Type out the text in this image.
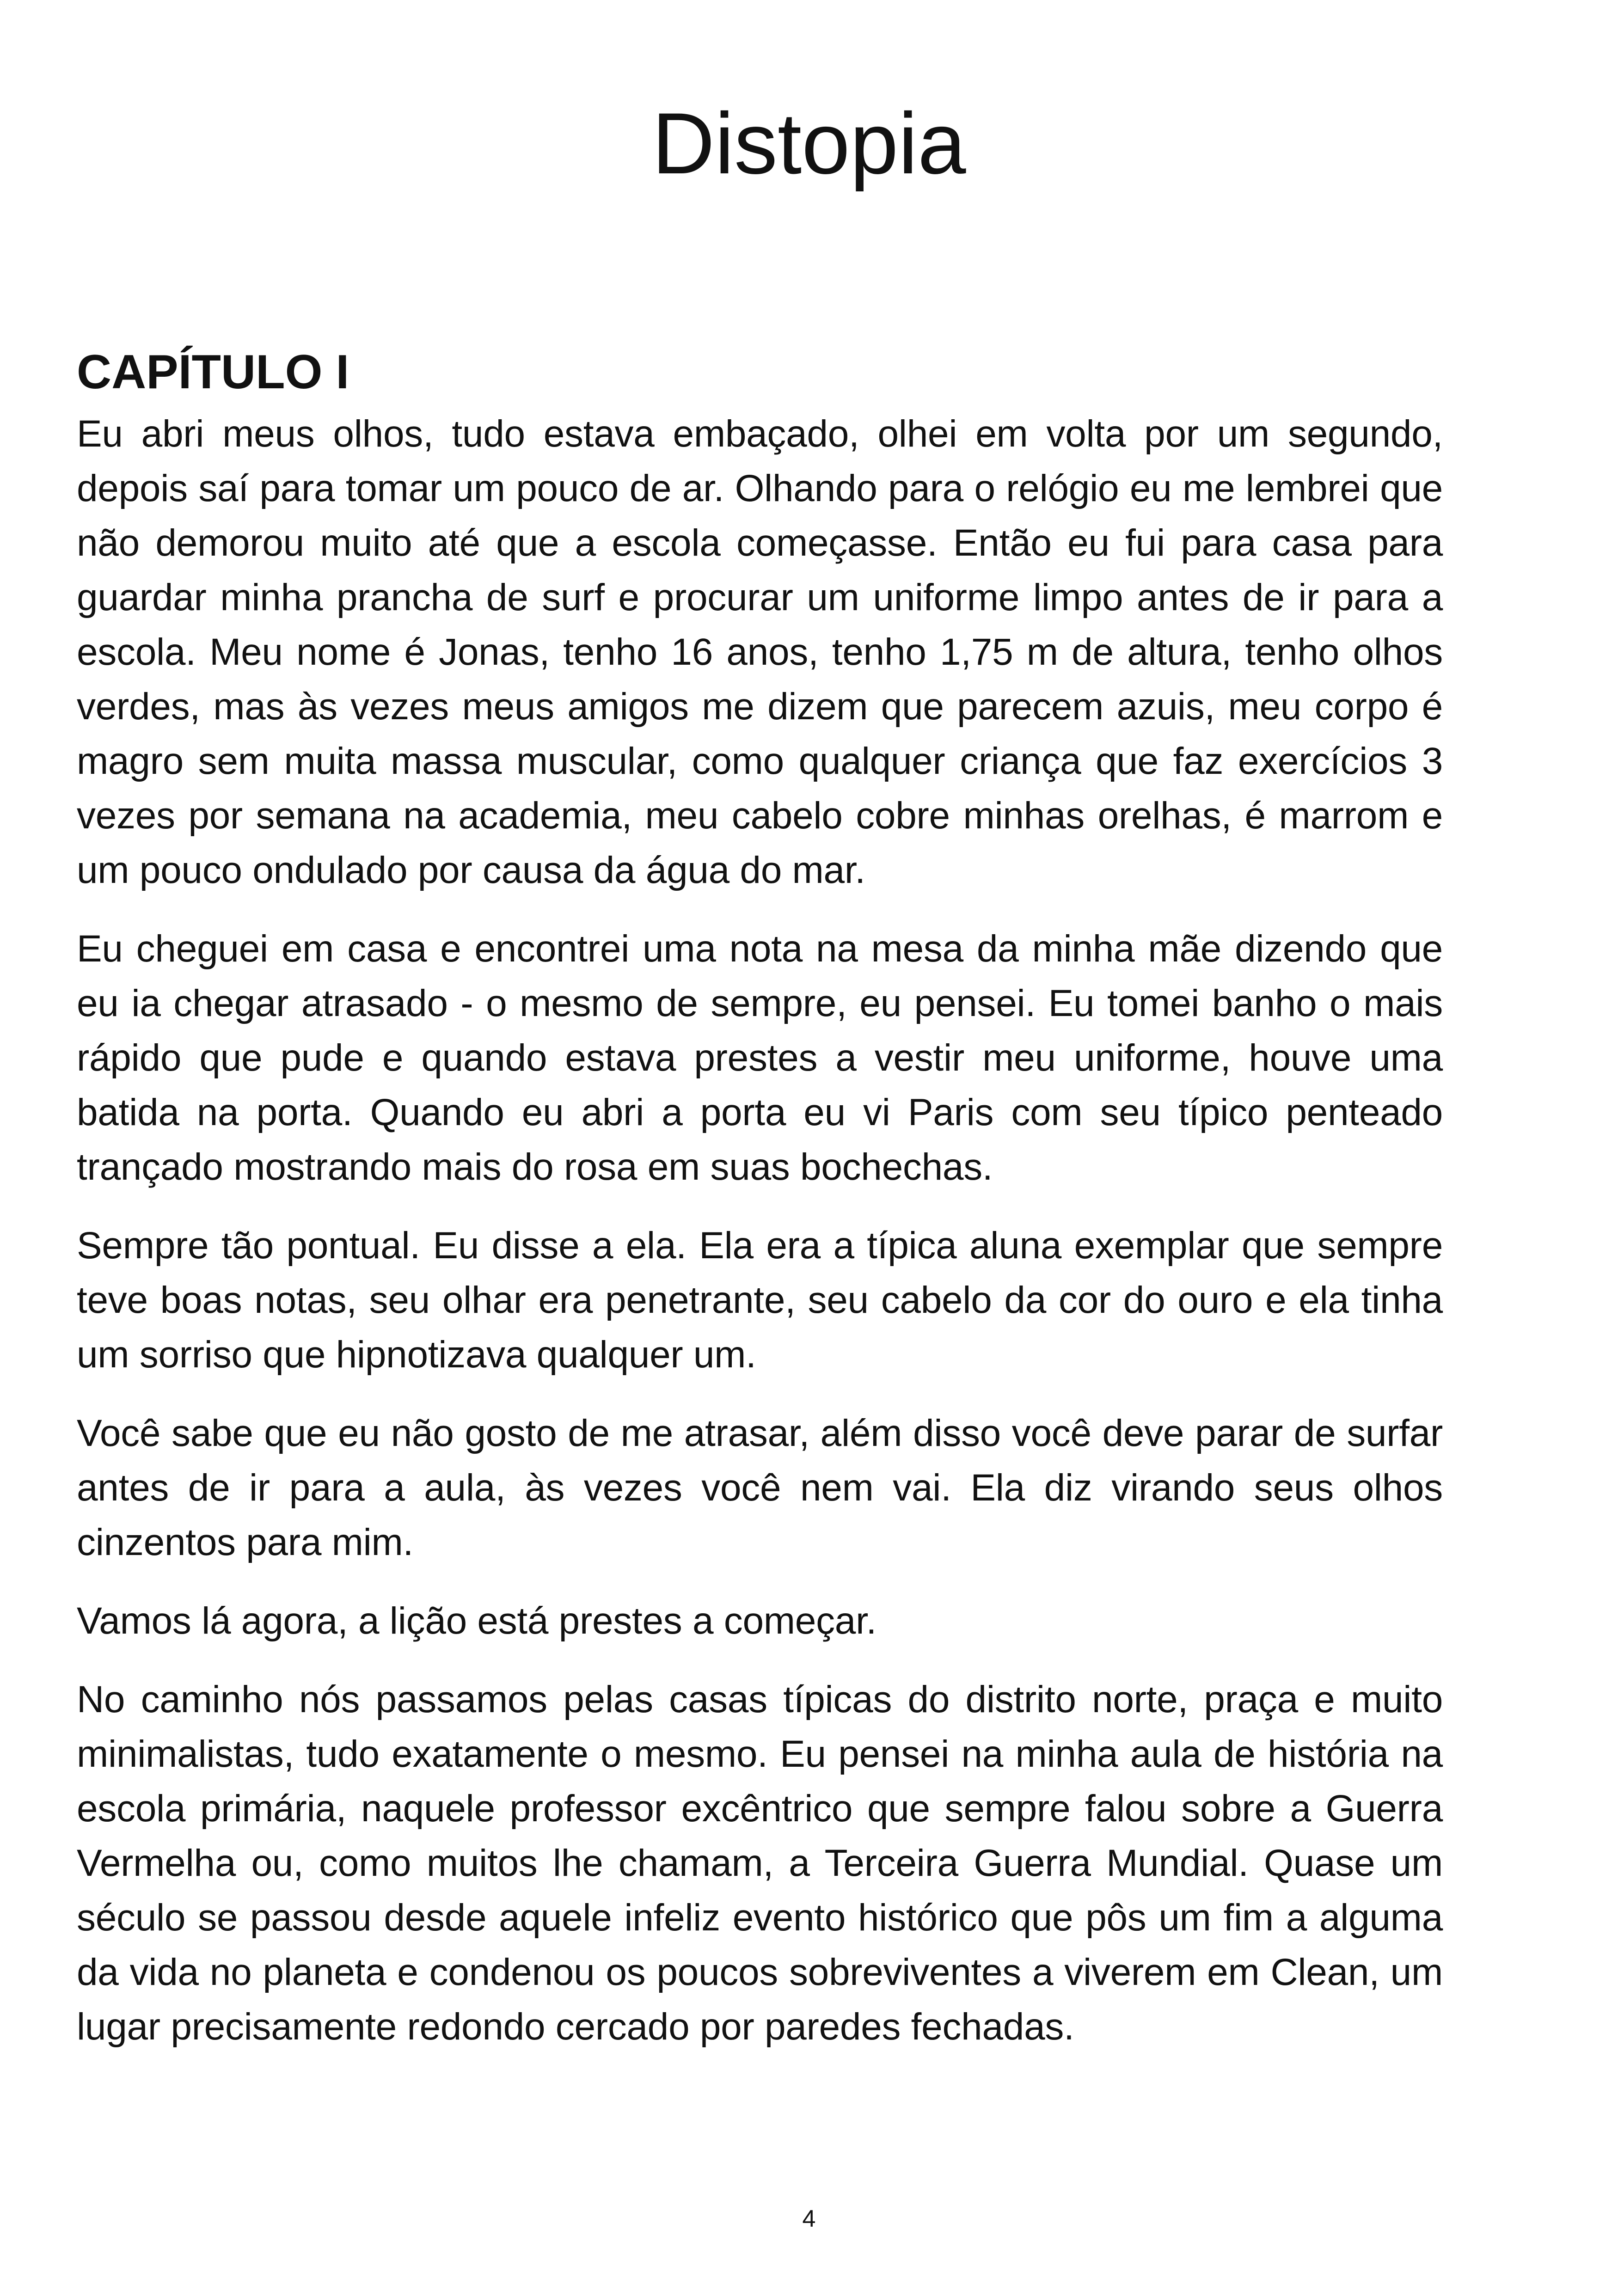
Distopia
CAPÍTULO I

Eu abri meus olhos, tudo estava embaçado, olhei em volta por um segundo, depois saí para tomar um pouco de ar. Olhando para o relógio eu me lembrei que não demorou muito até que a escola começasse. Então eu fui para casa para guardar minha prancha de surf e procurar um uniforme limpo antes de ir para a escola. Meu nome é Jonas, tenho 16 anos, tenho 1,75 m de altura, tenho olhos verdes, mas às vezes meus amigos me dizem que parecem azuis, meu corpo é magro sem muita massa muscular, como qualquer criança que faz exercícios 3 vezes por semana na academia, meu cabelo cobre minhas orelhas, é marrom e um pouco ondulado por causa da água do mar.

Eu cheguei em casa e encontrei uma nota na mesa da minha mãe dizendo que eu ia chegar atrasado - o mesmo de sempre, eu pensei. Eu tomei banho o mais rápido que pude e quando estava prestes a vestir meu uniforme, houve uma batida na porta. Quando eu abri a porta eu vi Paris com seu típico penteado trançado mostrando mais do rosa em suas bochechas.

Sempre tão pontual. Eu disse a ela. Ela era a típica aluna exemplar que sempre teve boas notas, seu olhar era penetrante, seu cabelo da cor do ouro e ela tinha um sorriso que hipnotizava qualquer um.

Você sabe que eu não gosto de me atrasar, além disso você deve parar de surfar antes de ir para a aula, às vezes você nem vai. Ela diz virando seus olhos cinzentos para mim.

Vamos lá agora, a lição está prestes a começar.

No caminho nós passamos pelas casas típicas do distrito norte, praça e muito minimalistas, tudo exatamente o mesmo. Eu pensei na minha aula de história na escola primária, naquele professor excêntrico que sempre falou sobre a Guerra Vermelha ou, como muitos lhe chamam, a Terceira Guerra Mundial. Quase um século se passou desde aquele infeliz evento histórico que pôs um fim a alguma da vida no planeta e condenou os poucos sobreviventes a viverem em Clean, um lugar precisamente redondo cercado por paredes fechadas.

4
